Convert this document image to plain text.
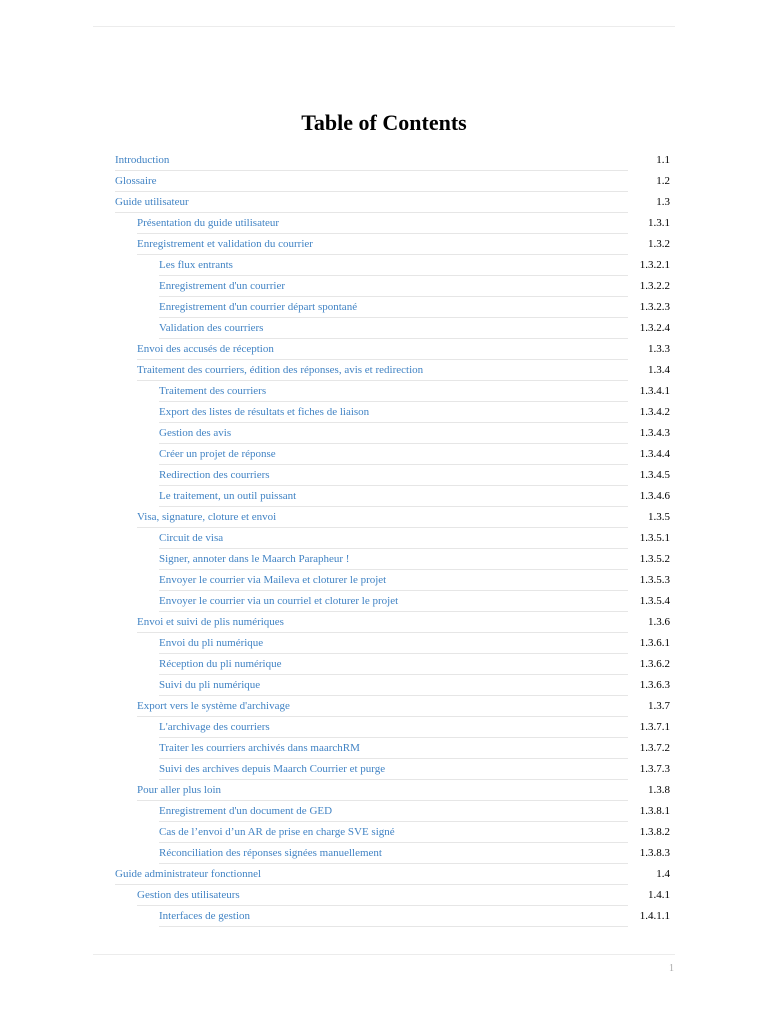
Table of Contents
Introduction	1.1
Glossaire	1.2
Guide utilisateur	1.3
Présentation du guide utilisateur	1.3.1
Enregistrement et validation du courrier	1.3.2
Les flux entrants	1.3.2.1
Enregistrement d'un courrier	1.3.2.2
Enregistrement d'un courrier départ spontané	1.3.2.3
Validation des courriers	1.3.2.4
Envoi des accusés de réception	1.3.3
Traitement des courriers, édition des réponses, avis et redirection	1.3.4
Traitement des courriers	1.3.4.1
Export des listes de résultats et fiches de liaison	1.3.4.2
Gestion des avis	1.3.4.3
Créer un projet de réponse	1.3.4.4
Redirection des courriers	1.3.4.5
Le traitement, un outil puissant	1.3.4.6
Visa, signature, cloture et envoi	1.3.5
Circuit de visa	1.3.5.1
Signer, annoter dans le Maarch Parapheur !	1.3.5.2
Envoyer le courrier via Maileva et cloturer le projet	1.3.5.3
Envoyer le courrier via un courriel et cloturer le projet	1.3.5.4
Envoi et suivi de plis numériques	1.3.6
Envoi du pli numérique	1.3.6.1
Réception du pli numérique	1.3.6.2
Suivi du pli numérique	1.3.6.3
Export vers le système d'archivage	1.3.7
L'archivage des courriers	1.3.7.1
Traiter les courriers archivés dans maarchRM	1.3.7.2
Suivi des archives depuis Maarch Courrier et purge	1.3.7.3
Pour aller plus loin	1.3.8
Enregistrement d'un document de GED	1.3.8.1
Cas de l’envoi d’un AR de prise en charge SVE signé	1.3.8.2
Réconciliation des réponses signées manuellement	1.3.8.3
Guide administrateur fonctionnel	1.4
Gestion des utilisateurs	1.4.1
Interfaces de gestion	1.4.1.1
1
